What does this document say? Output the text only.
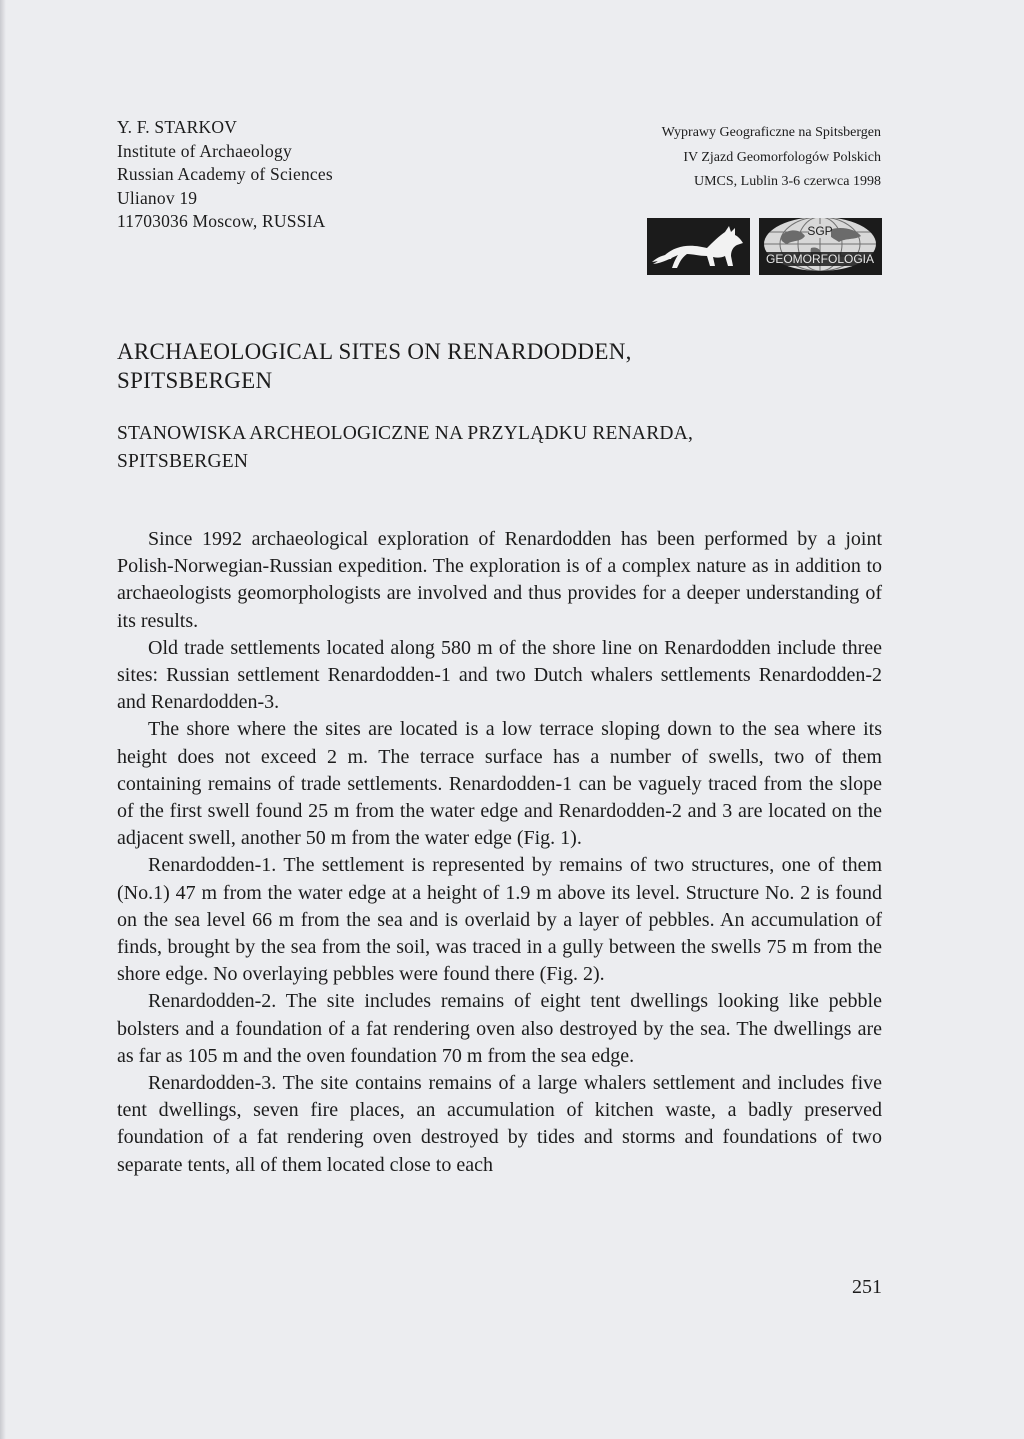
Y. F. STARKOV
Institute of Archaeology
Russian Academy of Sciences
Ulianov 19
11703036 Moscow, RUSSIA
Wyprawy Geograficzne na Spitsbergen
IV Zjazd Geomorfologów Polskich
UMCS, Lublin 3-6 czerwca 1998
SGP
GEOMORFOLOGIA
ARCHAEOLOGICAL SITES ON RENARDODDEN,
SPITSBERGEN
STANOWISKA ARCHEOLOGICZNE NA PRZYLĄDKU RENARDA,
SPITSBERGEN

Since 1992 archaeological exploration of Renardodden has been performed by a joint Polish-Norwegian-Russian expedition. The exploration is of a complex nature as in addition to archaeologists geomorphologists are involved and thus provides for a deeper understanding of its results.

Old trade settlements located along 580 m of the shore line on Renardodden include three sites: Russian settlement Renardodden-1 and two Dutch whalers settlements Renardodden-2 and Renardodden-3.

The shore where the sites are located is a low terrace sloping down to the sea where its height does not exceed 2 m. The terrace surface has a number of swells, two of them containing remains of trade settlements. Renardodden-1 can be vaguely traced from the slope of the first swell found 25 m from the water edge and Renardodden-2 and 3 are located on the adjacent swell, another 50 m from the water edge (Fig. 1).

Renardodden-1. The settlement is represented by remains of two structures, one of them (No.1) 47 m from the water edge at a height of 1.9 m above its level. Structure No. 2 is found on the sea level 66 m from the sea and is overlaid by a layer of pebbles. An accumulation of finds, brought by the sea from the soil, was traced in a gully between the swells 75 m from the shore edge. No overlaying pebbles were found there (Fig. 2).

Renardodden-2. The site includes remains of eight tent dwellings looking like pebble bolsters and a foundation of a fat rendering oven also destroyed by the sea. The dwellings are as far as 105 m and the oven foundation 70 m from the sea edge.

Renardodden-3. The site contains remains of a large whalers settlement and includes five tent dwellings, seven fire places, an accumulation of kitchen waste, a badly preserved foundation of a fat rendering oven destroyed by tides and storms and foundations of two separate tents, all of them located close to each

251
